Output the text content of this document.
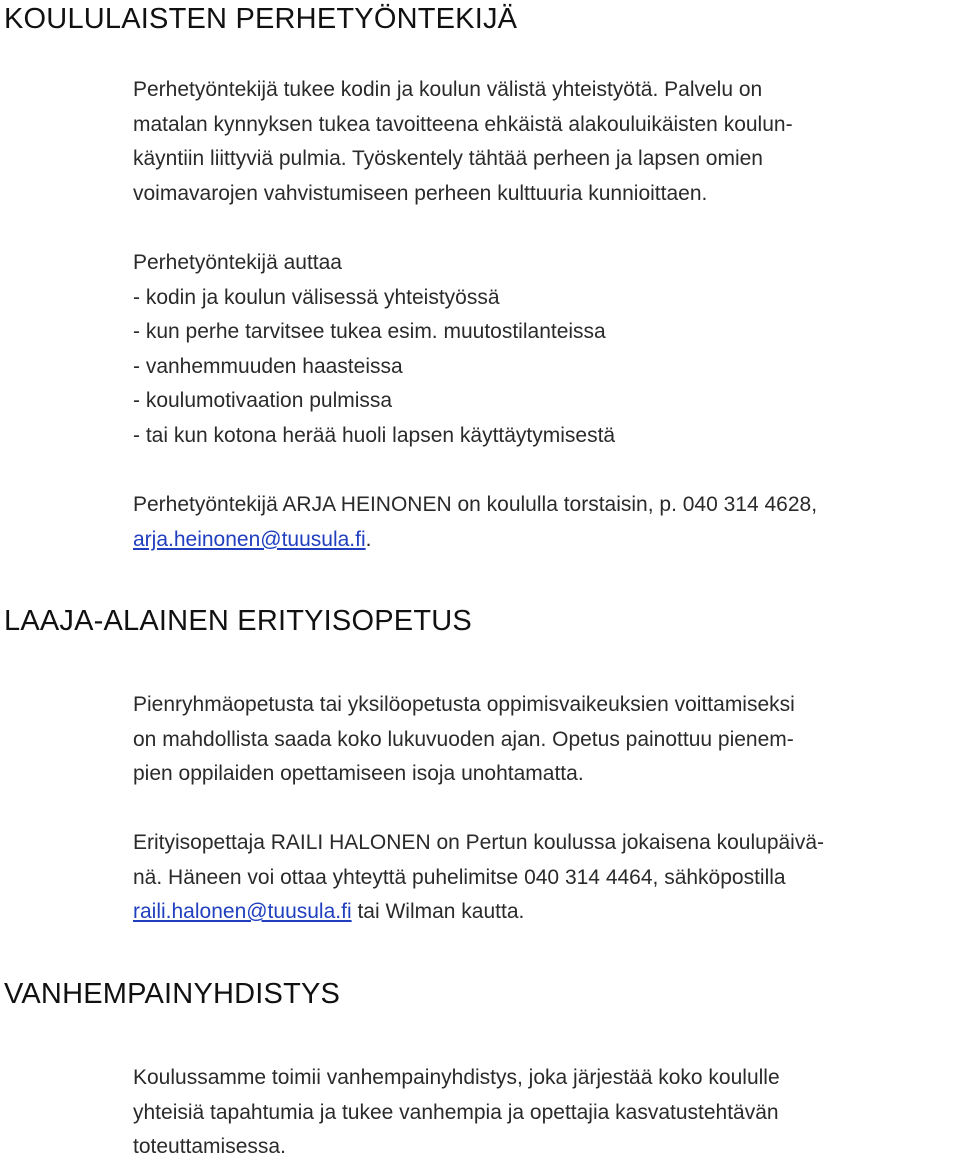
KOULULAISTEN PERHETYÖNTEKIJÄ
Perhetyöntekijä tukee kodin ja koulun välistä yhteistyötä. Palvelu on
matalan kynnyksen tukea tavoitteena ehkäistä alakouluikäisten koulun-
käyntiin liittyviä pulmia. Työskentely tähtää perheen ja lapsen omien
voimavarojen vahvistumiseen perheen kulttuuria kunnioittaen.
Perhetyöntekijä auttaa
- kodin ja koulun välisessä yhteistyössä
- kun perhe tarvitsee tukea esim. muutostilanteissa
- vanhemmuuden haasteissa
- koulumotivaation pulmissa
- tai kun kotona herää huoli lapsen käyttäytymisestä
Perhetyöntekijä ARJA HEINONEN on koululla torstaisin, p. 040 314 4628,
arja.heinonen@tuusula.fi.
LAAJA-ALAINEN ERITYISOPETUS
Pienryhmäopetusta tai yksilöopetusta oppimisvaikeuksien voittamiseksi
on mahdollista saada koko lukuvuoden ajan. Opetus painottuu pienem-
pien oppilaiden opettamiseen isoja unohtamatta.
Erityisopettaja RAILI HALONEN on Pertun koulussa jokaisena koulupäivä-
nä. Häneen voi ottaa yhteyttä puhelimitse 040 314 4464, sähköpostilla
raili.halonen@tuusula.fi tai Wilman kautta.
VANHEMPAINYHDISTYS
Koulussamme toimii vanhempainyhdistys, joka järjestää koko koululle
yhteisiä tapahtumia ja tukee vanhempia ja opettajia kasvatustehtävän
toteuttamisessa.
